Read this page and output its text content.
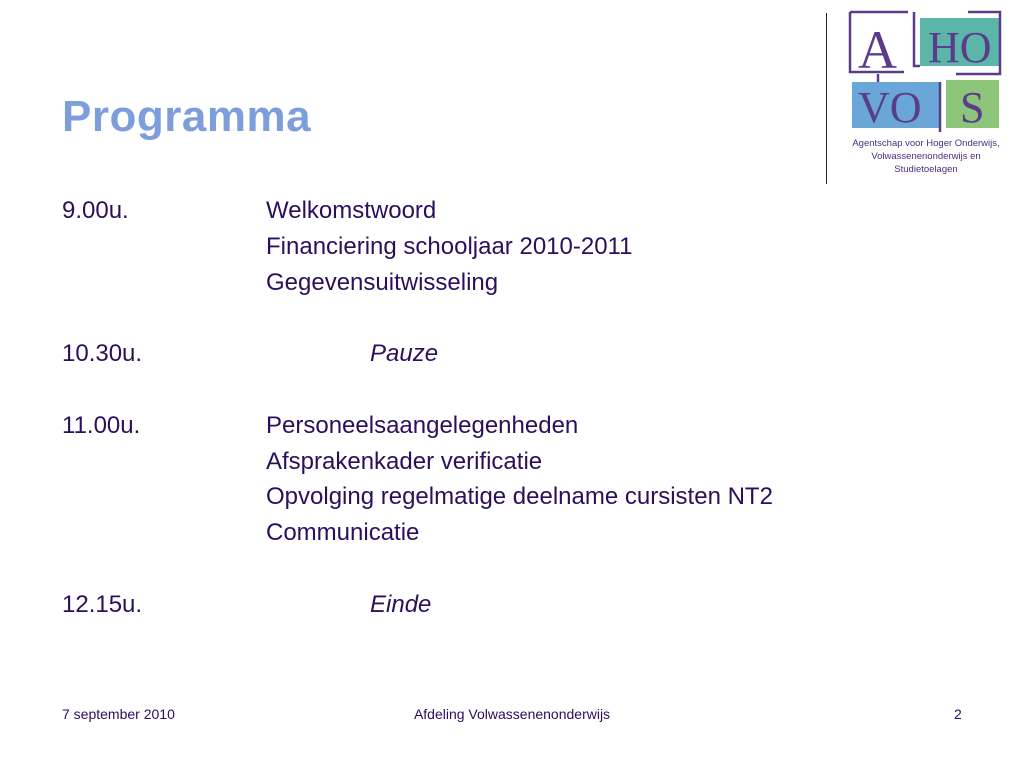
Programma
A HO
VO S
Agentschap voor Hoger Onderwijs,
Volwassenenonderwijs en Studietoelagen
9.00u.	Welkomstwoord
Financiering schooljaar 2010-2011
Gegevensuitwisseling
10.30u.	Pauze
11.00u.	Personeelsaangelegenheden
Afsprakenkader verificatie
Opvolging regelmatige deelname cursisten NT2
Communicatie
12.15u.	Einde
7 september 2010	Afdeling Volwassenenonderwijs	2
